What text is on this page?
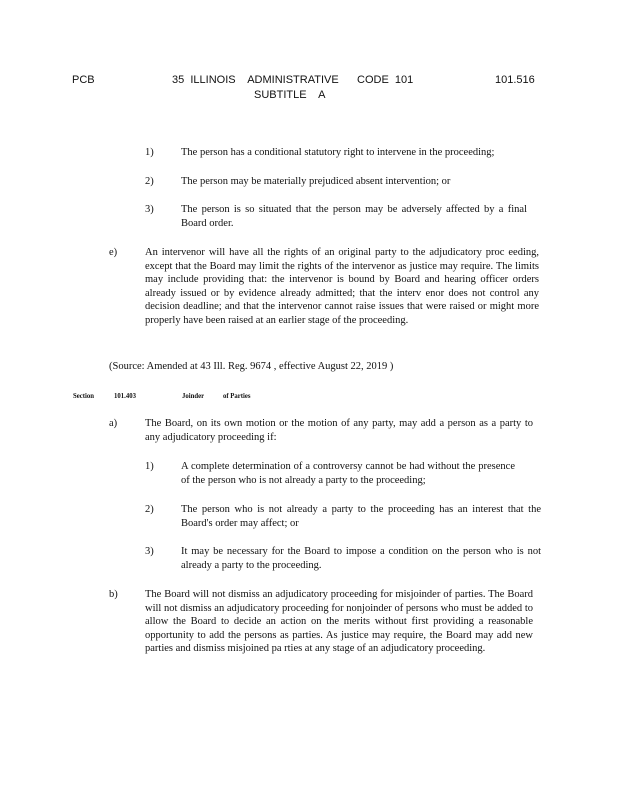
PCB	35  ILLINOIS    ADMINISTRATIVE      CODE  101
SUBTITLE    A
101.516
1)	The person has a conditional statutory right to intervene in the proceeding;

2)	The person may be materially prejudiced absent intervention; or

3)	The person is so situated that the person may be adversely affected by a final Board order.

e)	An intervenor will have all the rights of an original party to the adjudicatory proc eeding, except that the Board may limit the rights of the intervenor as justice may require. The limits may include providing that: the intervenor is bound by Board and hearing officer orders already issued or by evidence already admitted; that the interv enor does not control any decision deadline; and that the intervenor cannot raise issues that were raised or might more properly have been raised at an earlier stage of the proceeding.

(Source: Amended at 43 Ill. Reg. 9674 , effective August 22, 2019 )
Section	101.403	Joinder	of Parties
a)	The Board, on its own motion or the motion of any party, may add a person as a party to any adjudicatory proceeding if:

1)	A complete determination of a controversy cannot be had without the presence of the person who is not already a party to the proceeding;

2)	The person who is not already a party to the proceeding has an interest that the Board's order may affect; or

3)	It may be necessary for the Board to impose a condition on the person who is not already a party to the proceeding.

b)	The Board will not dismiss an adjudicatory proceeding for misjoinder of parties. The Board will not dismiss an adjudicatory proceeding for nonjoinder of persons who must be added to allow the Board to decide an action on the merits without first providing a reasonable opportunity to add the persons as parties. As justice may require, the Board may add new parties and dismiss misjoined pa rties at any stage of an adjudicatory proceeding.
